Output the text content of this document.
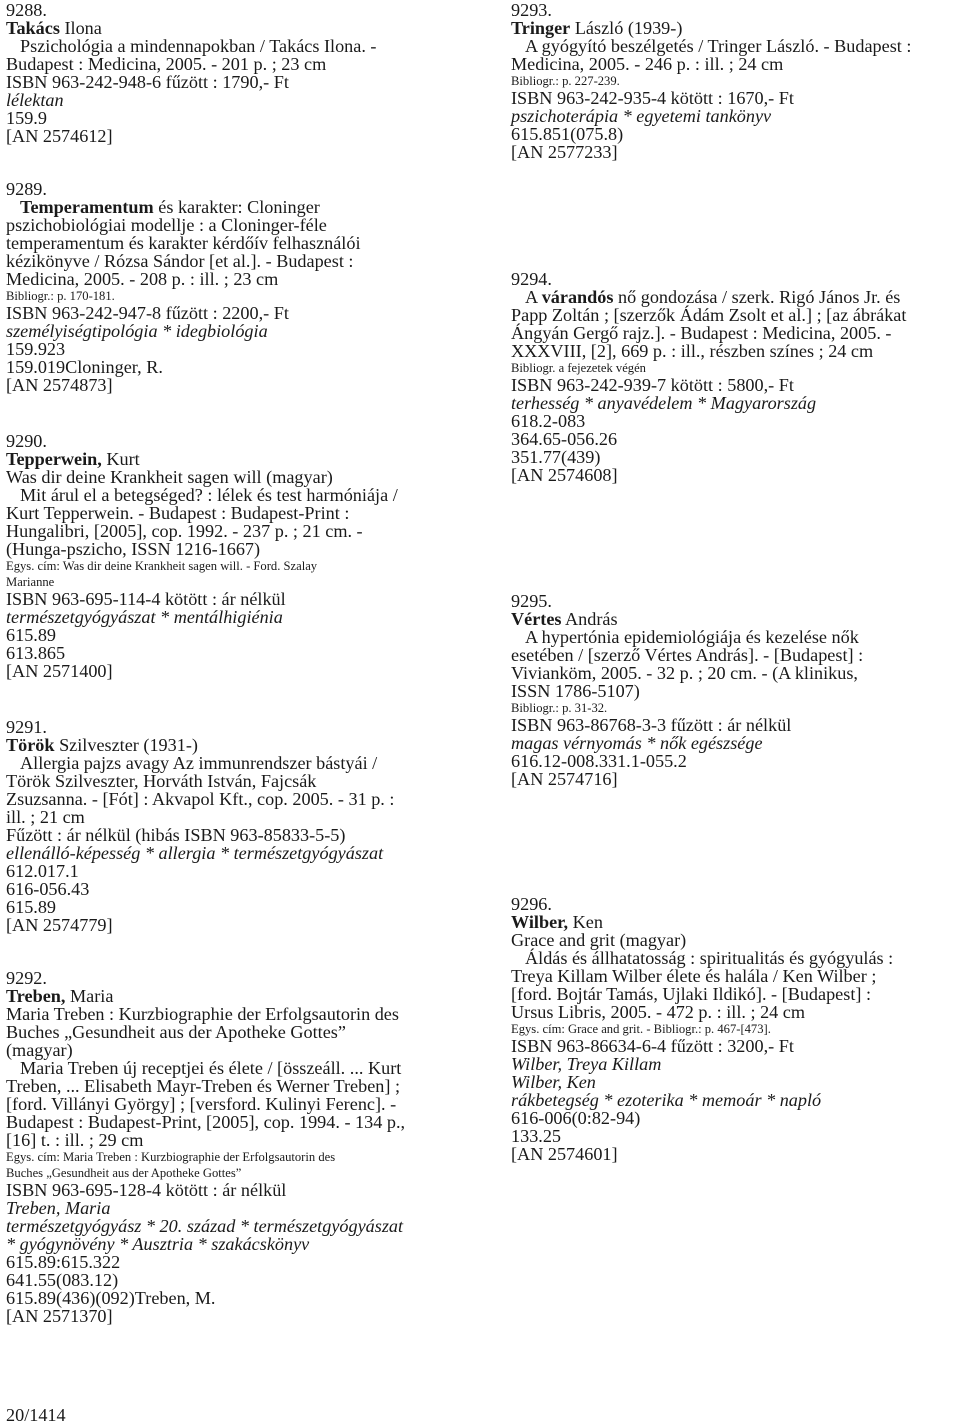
9288.
Takács Ilona
Pszichológia a mindennapokban / Takács Ilona. -
Budapest : Medicina, 2005. - 201 p. ; 23 cm
ISBN 963-242-948-6 fűzött : 1790,- Ft
lélektan
159.9
[AN 2574612]
9289.
Temperamentum és karakter: Cloninger
pszichobiológiai modellje : a Cloninger-féle
temperamentum és karakter kérdőív felhasználói
kézikönyve / Rózsa Sándor [et al.]. - Budapest :
Medicina, 2005. - 208 p. : ill. ; 23 cm
Bibliogr.: p. 170-181.
ISBN 963-242-947-8 fűzött : 2200,- Ft
személyiségtipológia * idegbiológia
159.923
159.019Cloninger, R.
[AN 2574873]
9290.
Tepperwein, Kurt
Was dir deine Krankheit sagen will (magyar)
Mit árul el a betegséged? : lélek és test harmóniája /
Kurt Tepperwein. - Budapest : Budapest-Print :
Hungalibri, [2005], cop. 1992. - 237 p. ; 21 cm. -
(Hunga-pszicho, ISSN 1216-1667)
Egys. cím: Was dir deine Krankheit sagen will. - Ford. Szalay
Marianne
ISBN 963-695-114-4 kötött : ár nélkül
természetgyógyászat * mentálhigiénia
615.89
613.865
[AN 2571400]
9291.
Török Szilveszter (1931-)
Allergia pajzs avagy Az immunrendszer bástyái /
Török Szilveszter, Horváth István, Fajcsák
Zsuzsanna. - [Fót] : Akvapol Kft., cop. 2005. - 31 p. :
ill. ; 21 cm
Fűzött : ár nélkül (hibás ISBN 963-85833-5-5)
ellenálló-képesség * allergia * természetgyógyászat
612.017.1
616-056.43
615.89
[AN 2574779]
9292.
Treben, Maria
Maria Treben : Kurzbiographie der Erfolgsautorin des
Buches „Gesundheit aus der Apotheke Gottes”
(magyar)
Maria Treben új receptjei és élete / [összeáll. ... Kurt
Treben, ... Elisabeth Mayr-Treben és Werner Treben] ;
[ford. Villányi György] ; [versford. Kulinyi Ferenc]. -
Budapest : Budapest-Print, [2005], cop. 1994. - 134 p.,
[16] t. : ill. ; 29 cm
Egys. cím: Maria Treben : Kurzbiographie der Erfolgsautorin des
Buches „Gesundheit aus der Apotheke Gottes”
ISBN 963-695-128-4 kötött : ár nélkül
Treben, Maria
természetgyógyász * 20. század * természetgyógyászat
* gyógynövény * Ausztria * szakácskönyv
615.89:615.322
641.55(083.12)
615.89(436)(092)Treben, M.
[AN 2571370]
9293.
Tringer László (1939-)
A gyógyító beszélgetés / Tringer László. - Budapest :
Medicina, 2005. - 246 p. : ill. ; 24 cm
Bibliogr.: p. 227-239.
ISBN 963-242-935-4 kötött : 1670,- Ft
pszichoterápia * egyetemi tankönyv
615.851(075.8)
[AN 2577233]
9294.
A várandós nő gondozása / szerk. Rigó János Jr. és
Papp Zoltán ; [szerzők Ádám Zsolt et al.] ; [az ábrákat
Ángyán Gergő rajz.]. - Budapest : Medicina, 2005. -
XXXVIII, [2], 669 p. : ill., részben színes ; 24 cm
Bibliogr. a fejezetek végén
ISBN 963-242-939-7 kötött : 5800,- Ft
terhesség * anyavédelem * Magyarország
618.2-083
364.65-056.26
351.77(439)
[AN 2574608]
9295.
Vértes András
A hypertónia epidemiológiája és kezelése nők
esetében / [szerző Vértes András]. - [Budapest] :
Vivianköm, 2005. - 32 p. ; 20 cm. - (A klinikus,
ISSN 1786-5107)
Bibliogr.: p. 31-32.
ISBN 963-86768-3-3 fűzött : ár nélkül
magas vérnyomás * nők egészsége
616.12-008.331.1-055.2
[AN 2574716]
9296.
Wilber, Ken
Grace and grit (magyar)
Áldás és állhatatosság : spiritualitás és gyógyulás :
Treya Killam Wilber élete és halála / Ken Wilber ;
[ford. Bojtár Tamás, Ujlaki Ildikó]. - [Budapest] :
Ursus Libris, 2005. - 472 p. : ill. ; 24 cm
Egys. cím: Grace and grit. - Bibliogr.: p. 467-[473].
ISBN 963-86634-6-4 fűzött : 3200,- Ft
Wilber, Treya Killam
Wilber, Ken
rákbetegség * ezoterika * memoár * napló
616-006(0:82-94)
133.25
[AN 2574601]
20/1414
